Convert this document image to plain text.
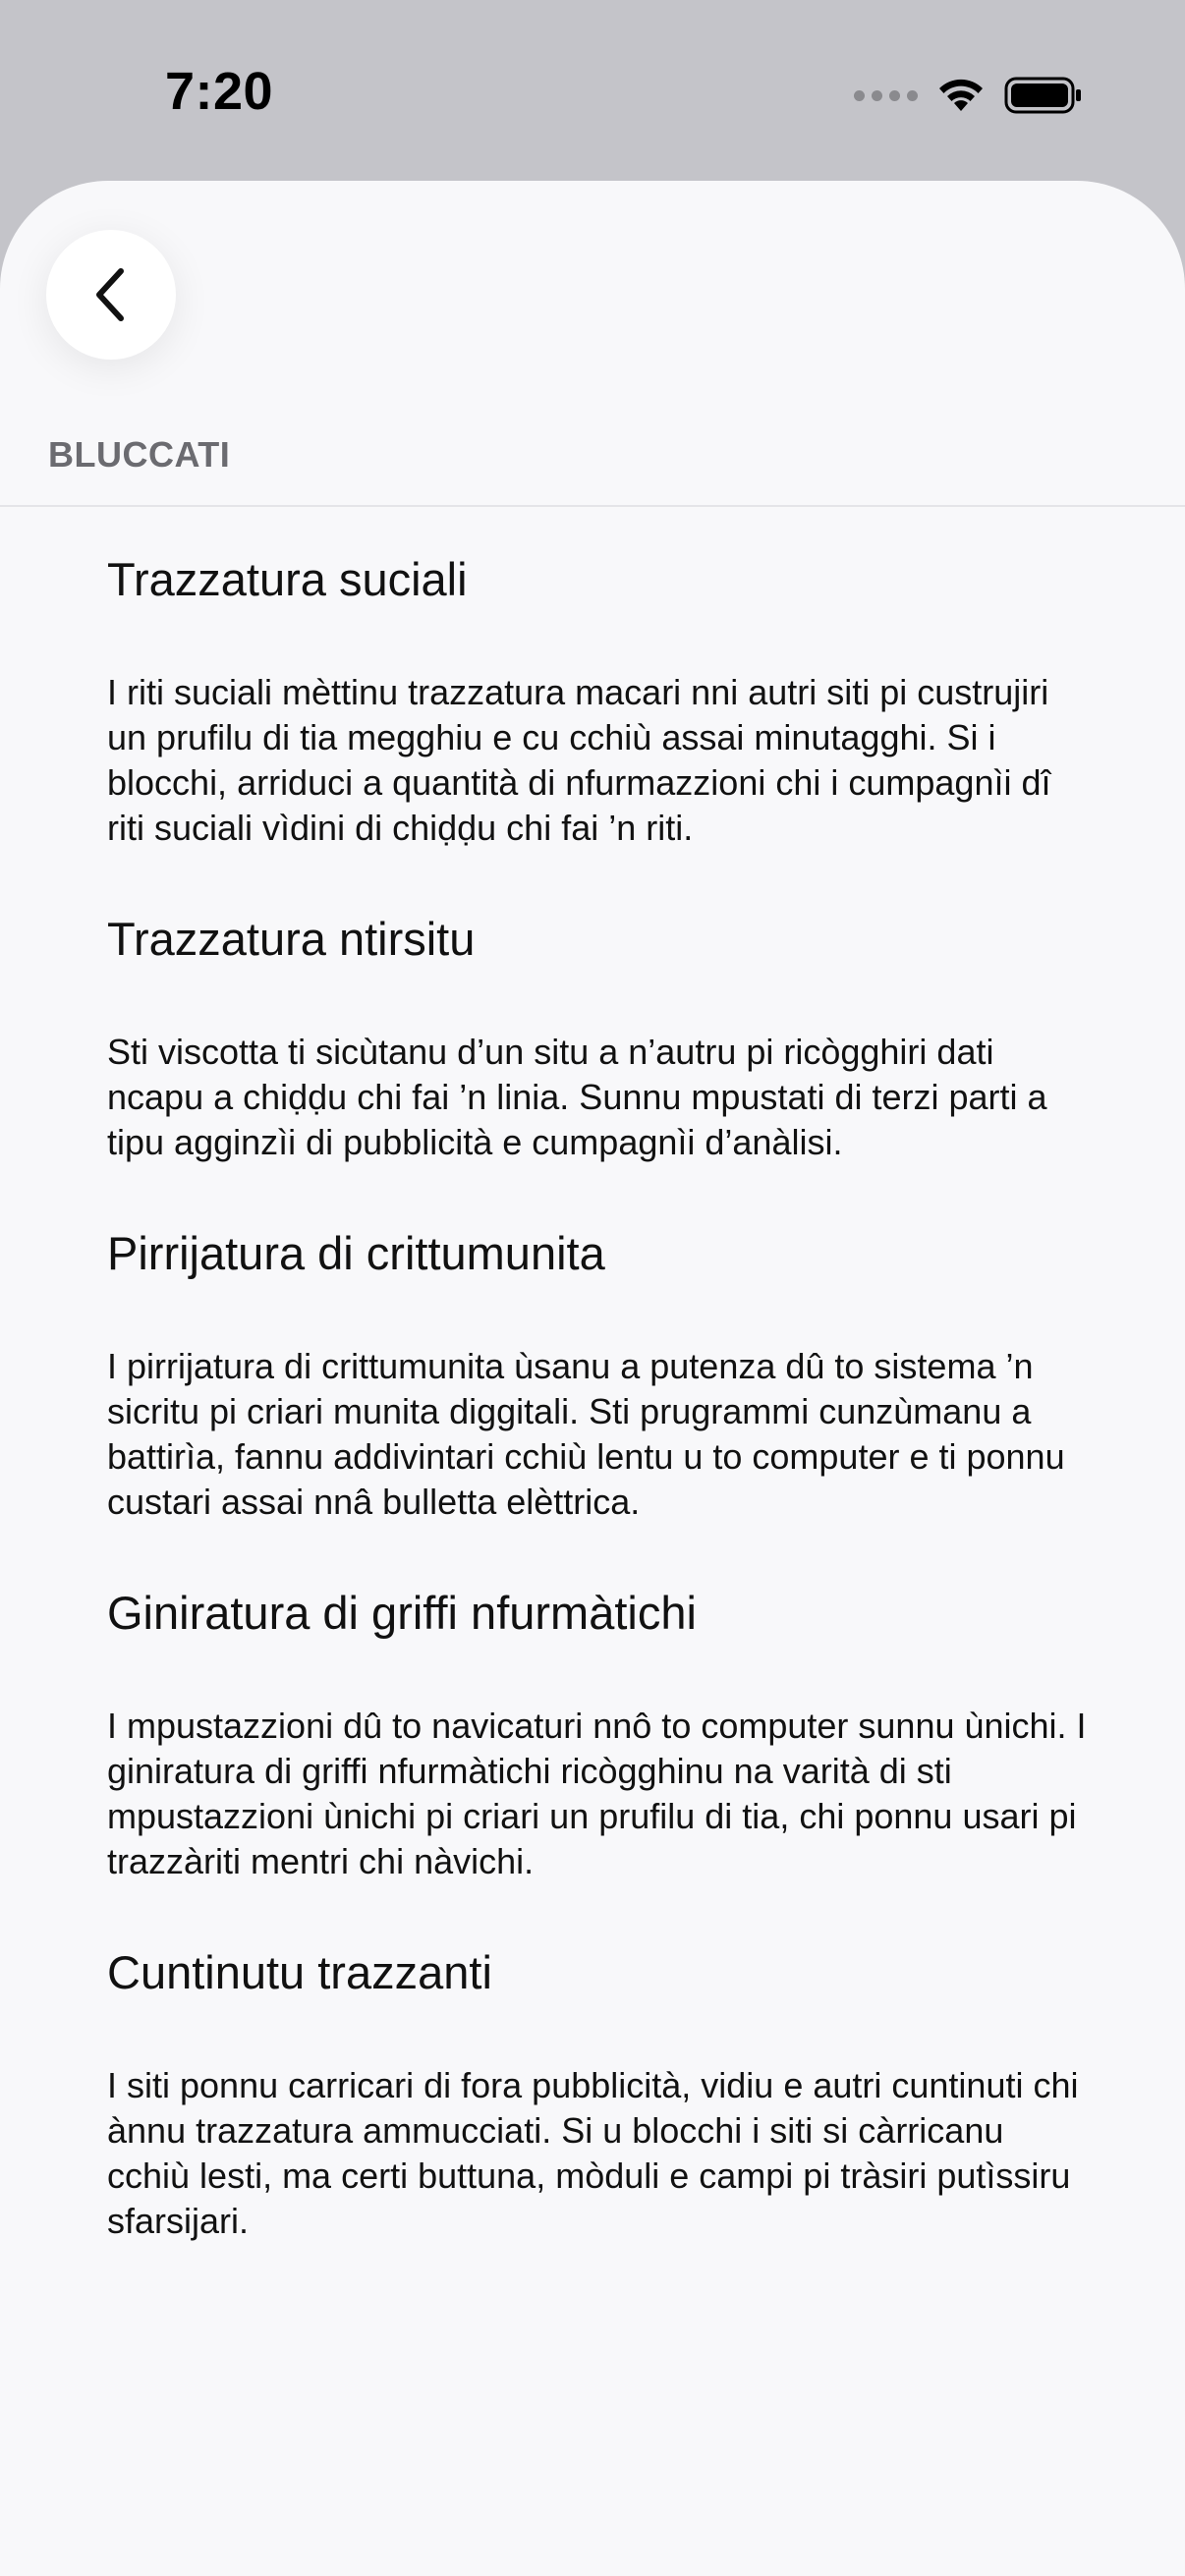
7:20
BLUCCATI
Trazzatura suciali
I riti suciali mèttinu trazzatura macari nni autri siti pi custrujiri un prufilu di tia megghiu e cu cchiù assai minutagghi. Si i blocchi, arriduci a quantità di nfurmazzioni chi i cumpagnìi dî riti suciali vìdini di chiḍḍu chi fai ’n riti.
Trazzatura ntirsitu
Sti viscotta ti sicùtanu d’un situ a n’autru pi ricògghiri dati ncapu a chiḍḍu chi fai ’n linia. Sunnu mpustati di terzi parti a tipu agginzìi di pubblicità e cumpagnìi d’anàlisi.
Pirrijatura di crittumunita
I pirrijatura di crittumunita ùsanu a putenza dû to sistema ’n sicritu pi criari munita diggitali. Sti prugrammi cunzùmanu a battirìa, fannu addivintari cchiù lentu u to computer e ti ponnu custari assai nnâ bulletta elèttrica.
Giniratura di griffi nfurmàtichi
I mpustazzioni dû to navicaturi nnô to computer sunnu ùnichi. I giniratura di griffi nfurmàtichi ricògghinu na varità di sti mpustazzioni ùnichi pi criari un prufilu di tia, chi ponnu usari pi trazzàriti mentri chi nàvichi.
Cuntinutu trazzanti
I siti ponnu carricari di fora pubblicità, vidiu e autri cuntinuti chi ànnu trazzatura ammucciati. Si u blocchi i siti si càrricanu cchiù lesti, ma certi buttuna, mòduli e campi pi tràsiri putìssiru sfarsijari.
